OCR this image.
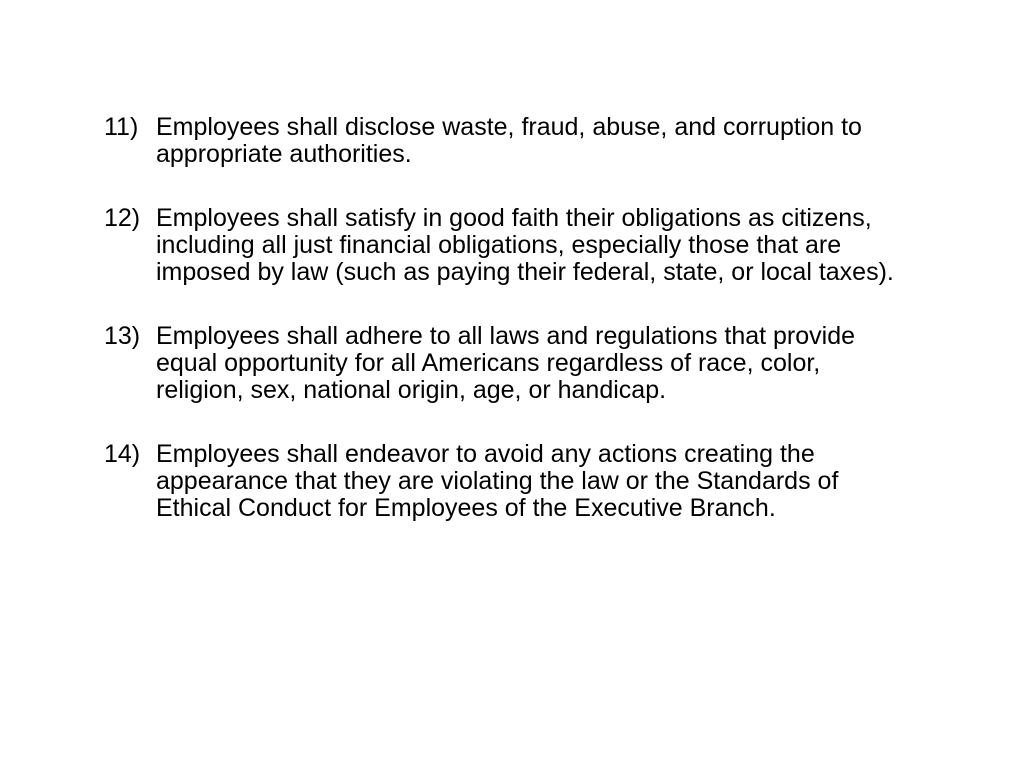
11) Employees shall disclose waste, fraud, abuse, and corruption to appropriate authorities.
12) Employees shall satisfy in good faith their obligations as citizens, including all just financial obligations, especially those that are imposed by law (such as paying their federal, state, or local taxes).
13) Employees shall adhere to all laws and regulations that provide equal opportunity for all Americans regardless of race, color, religion, sex, national origin, age, or handicap.
14) Employees shall endeavor to avoid any actions creating the appearance that they are violating the law or the Standards of Ethical Conduct for Employees of the Executive Branch.
